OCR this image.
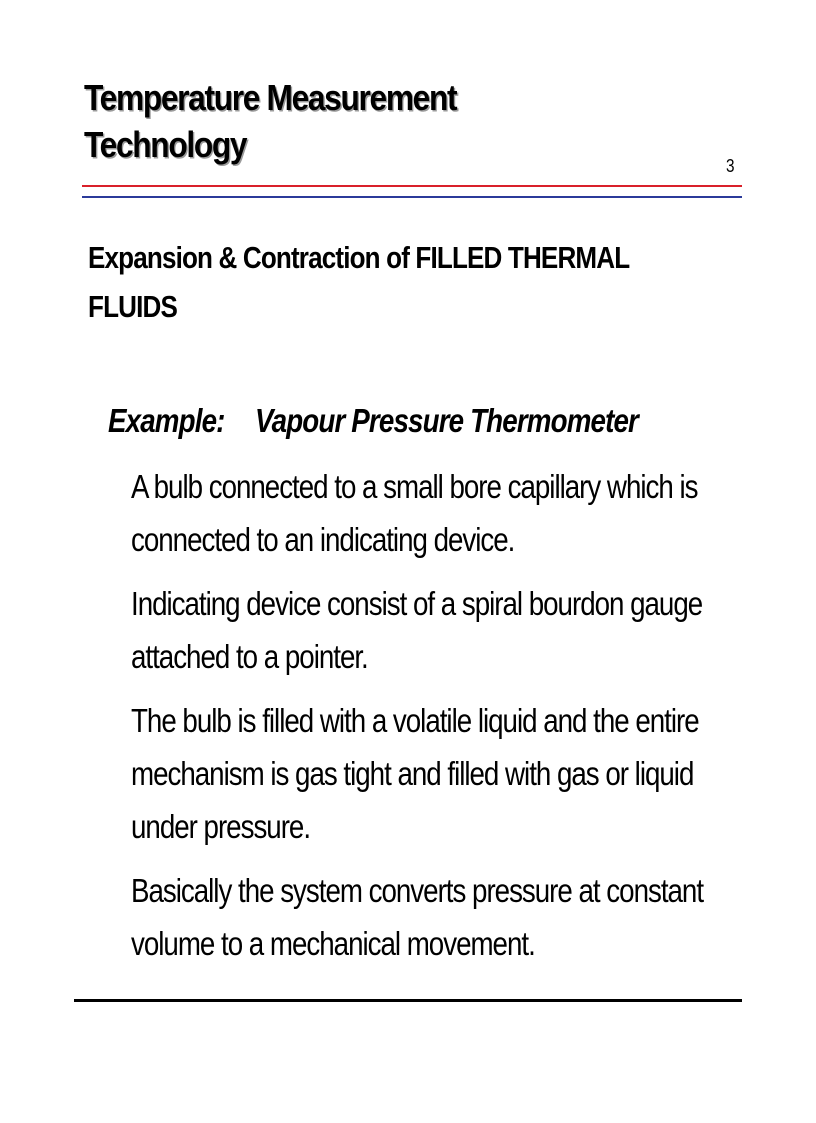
Temperature Measurement
Technology
3
Expansion & Contraction of FILLED THERMAL
FLUIDS
Example: Vapour Pressure Thermometer
A bulb connected to a small bore capillary which is
connected to an indicating device.
Indicating device consist of a spiral bourdon gauge
attached to a pointer.
The bulb is filled with a volatile liquid and the entire
mechanism is gas tight and filled with gas or liquid
under pressure.
Basically the system converts pressure at constant
volume to a mechanical movement.
